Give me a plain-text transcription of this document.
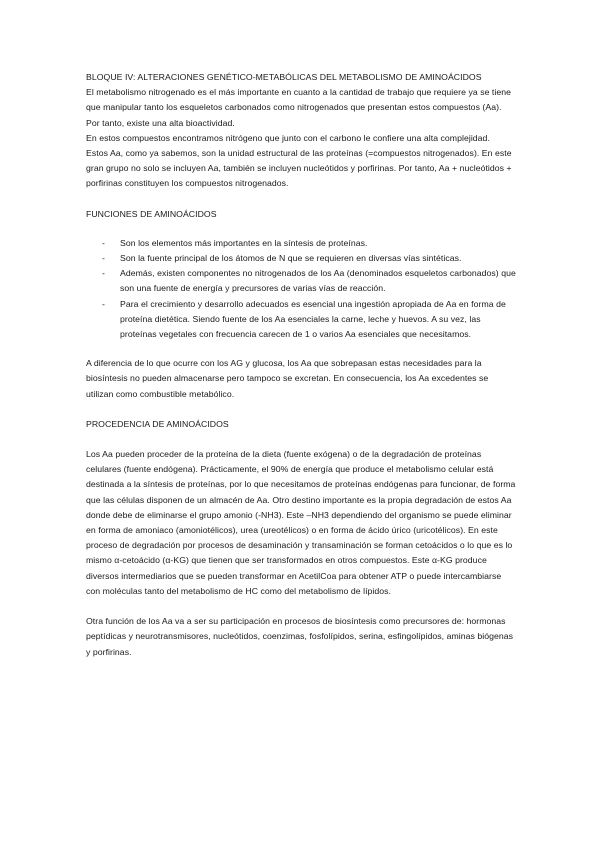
BLOQUE IV: ALTERACIONES GENÉTICO-METABÓLICAS DEL METABOLISMO DE AMINOÁCIDOS

El metabolismo nitrogenado es el más importante en cuanto a la cantidad de trabajo que requiere ya se tiene que manipular tanto los esqueletos carbonados como nitrogenados que presentan estos compuestos (Aa). Por tanto, existe una alta bioactividad.

En estos compuestos encontramos nitrógeno que junto con el carbono le confiere una alta complejidad.

Estos Aa, como ya sabemos, son la unidad estructural de las proteínas (=compuestos nitrogenados). En este gran grupo no solo se incluyen Aa, también se incluyen nucleótidos y porfirinas. Por tanto, Aa + nucleótidos + porfirinas constituyen los compuestos nitrogenados.

FUNCIONES DE AMINOÁCIDOS

- Son los elementos más importantes en la síntesis de proteínas.
- Son la fuente principal de los átomos de N que se requieren en diversas vías sintéticas.
- Además, existen componentes no nitrogenados de los Aa (denominados esqueletos carbonados) que son una fuente de energía y precursores de varias vías de reacción.
- Para el crecimiento y desarrollo adecuados es esencial una ingestión apropiada de Aa en forma de proteína dietética. Siendo fuente de los Aa esenciales la carne, leche y huevos. A su vez, las proteínas vegetales con frecuencia carecen de 1 o varios Aa esenciales que necesitamos.

A diferencia de lo que ocurre con los AG y glucosa, los Aa que sobrepasan estas necesidades para la biosíntesis no pueden almacenarse pero tampoco se excretan. En consecuencia, los Aa excedentes se utilizan como combustible metabólico.

PROCEDENCIA DE AMINOÁCIDOS

Los Aa pueden proceder de la proteína de la dieta (fuente exógena) o de la degradación de proteínas celulares (fuente endógena). Prácticamente, el 90% de energía que produce el metabolismo celular está destinada a la síntesis de proteínas, por lo que necesitamos de proteínas endógenas para funcionar, de forma que las células disponen de un almacén de Aa. Otro destino importante es la propia degradación de estos Aa donde debe de eliminarse el grupo amonio (-NH3). Este –NH3 dependiendo del organismo se puede eliminar en forma de amoniaco (amoniotélicos), urea (ureotélicos) o en forma de ácido úrico (uricotélicos). En este proceso de degradación por procesos de desaminación y transaminación se forman cetoácidos o lo que es lo mismo α-cetoácido (α-KG) que tienen que ser transformados en otros compuestos. Este α-KG produce diversos intermediarios que se pueden transformar en AcetilCoa para obtener ATP o puede intercambiarse con moléculas tanto del metabolismo de HC como del metabolismo de lípidos.

Otra función de los Aa va a ser su participación en procesos de biosíntesis como precursores de: hormonas peptídicas y neurotransmisores, nucleótidos, coenzimas, fosfolípidos, serina, esfingolípidos, aminas biógenas y porfirinas.
